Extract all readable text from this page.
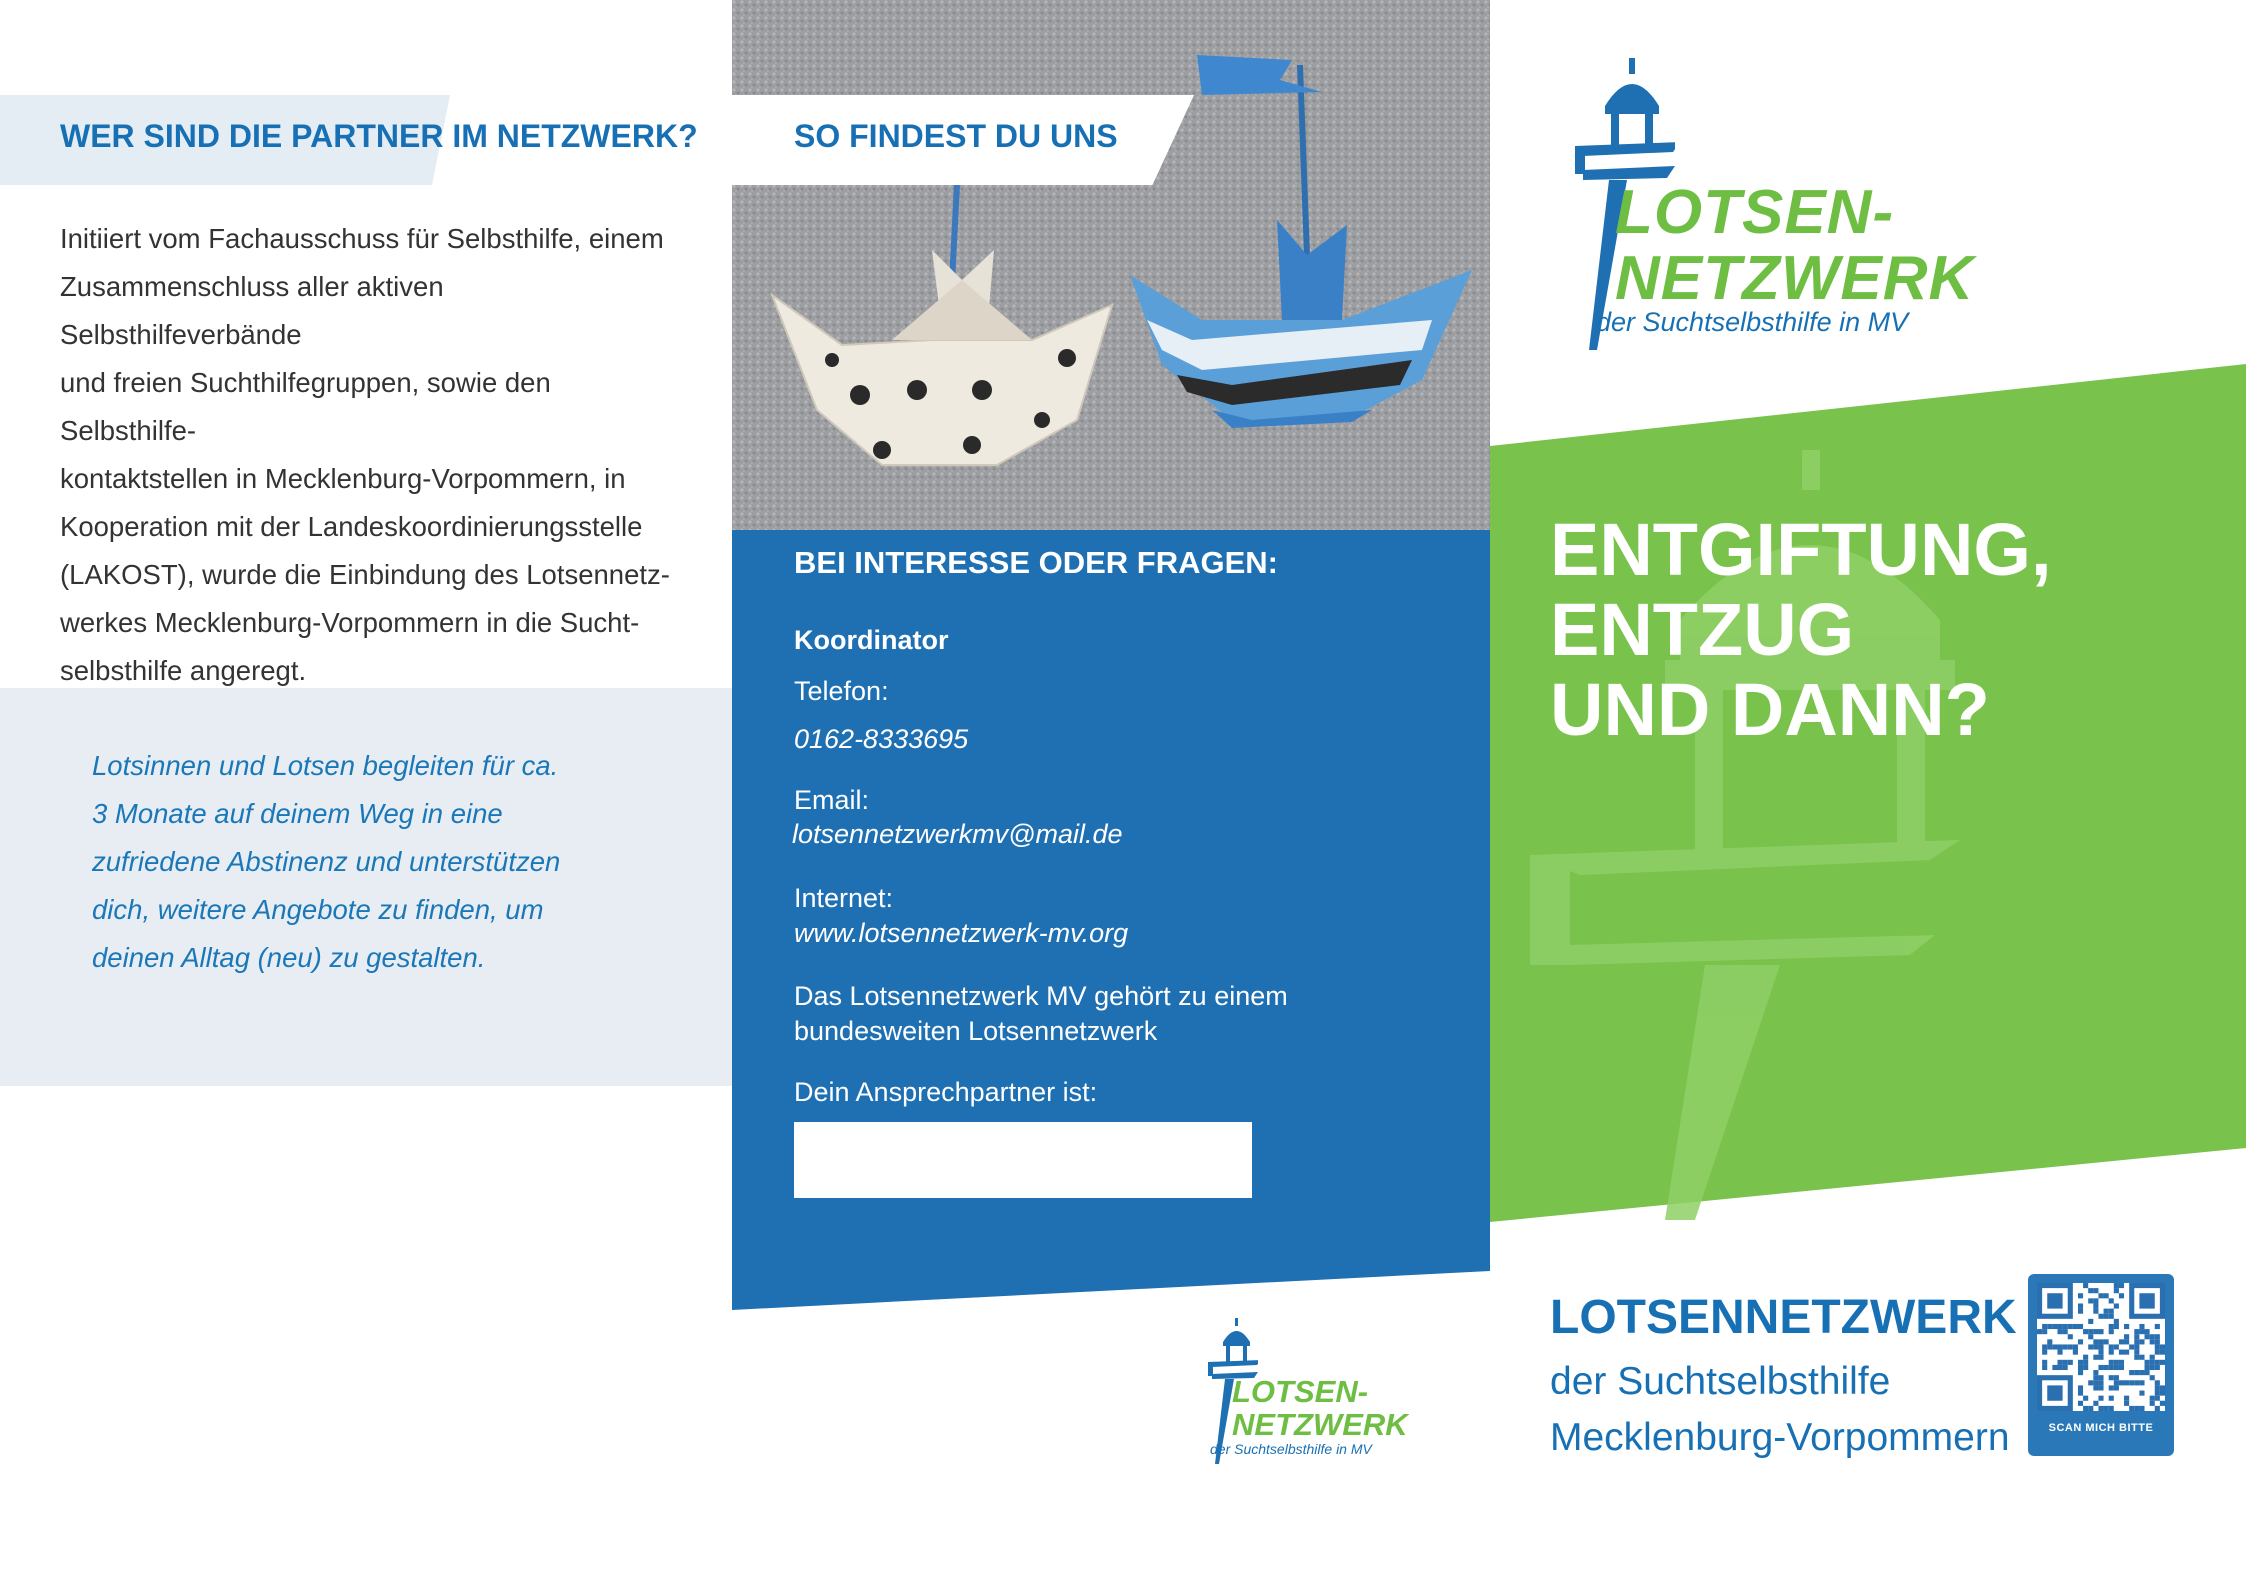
WER SIND DIE PARTNER IM NETZWERK?

Initiiert vom Fachausschuss für Selbsthilfe, einem

Zusammenschluss aller aktiven Selbsthilfeverbände

und freien Suchthilfegruppen, sowie den Selbsthilfe-

kontaktstellen in Mecklenburg-Vorpommern, in

Kooperation mit der Landeskoordinierungsstelle

(LAKOST), wurde die Einbindung des Lotsennetz-

werkes Mecklenburg-Vorpommern in die Sucht-

selbsthilfe angeregt.

Lotsinnen und Lotsen begleiten für ca.
3 Monate auf deinem Weg in eine
zufriedene Abstinenz und unterstützen
dich, weitere Angebote zu finden, um
deinen Alltag (neu) zu gestalten.
SO FINDEST DU UNS
BEI INTERESSE ODER FRAGEN:
Koordinator
Telefon:
0162-8333695
Email:
lotsennetzwerkmv@mail.de
Internet:
www.lotsennetzwerk-mv.org
Das Lotsennetzwerk MV gehört zu einem
bundesweiten Lotsennetzwerk
Dein Ansprechpartner ist:
ENTGIFTUNG,
ENTZUG
UND DANN?
LOTSEN-
NETZWERK
der Suchtselbsthilfe in MV
LOTSEN-
NETZWERK
der Suchtselbsthilfe in MV
LOTSENNETZWERK
der Suchtselbsthilfe
Mecklenburg-Vorpommern	SCAN MICH BITTE
